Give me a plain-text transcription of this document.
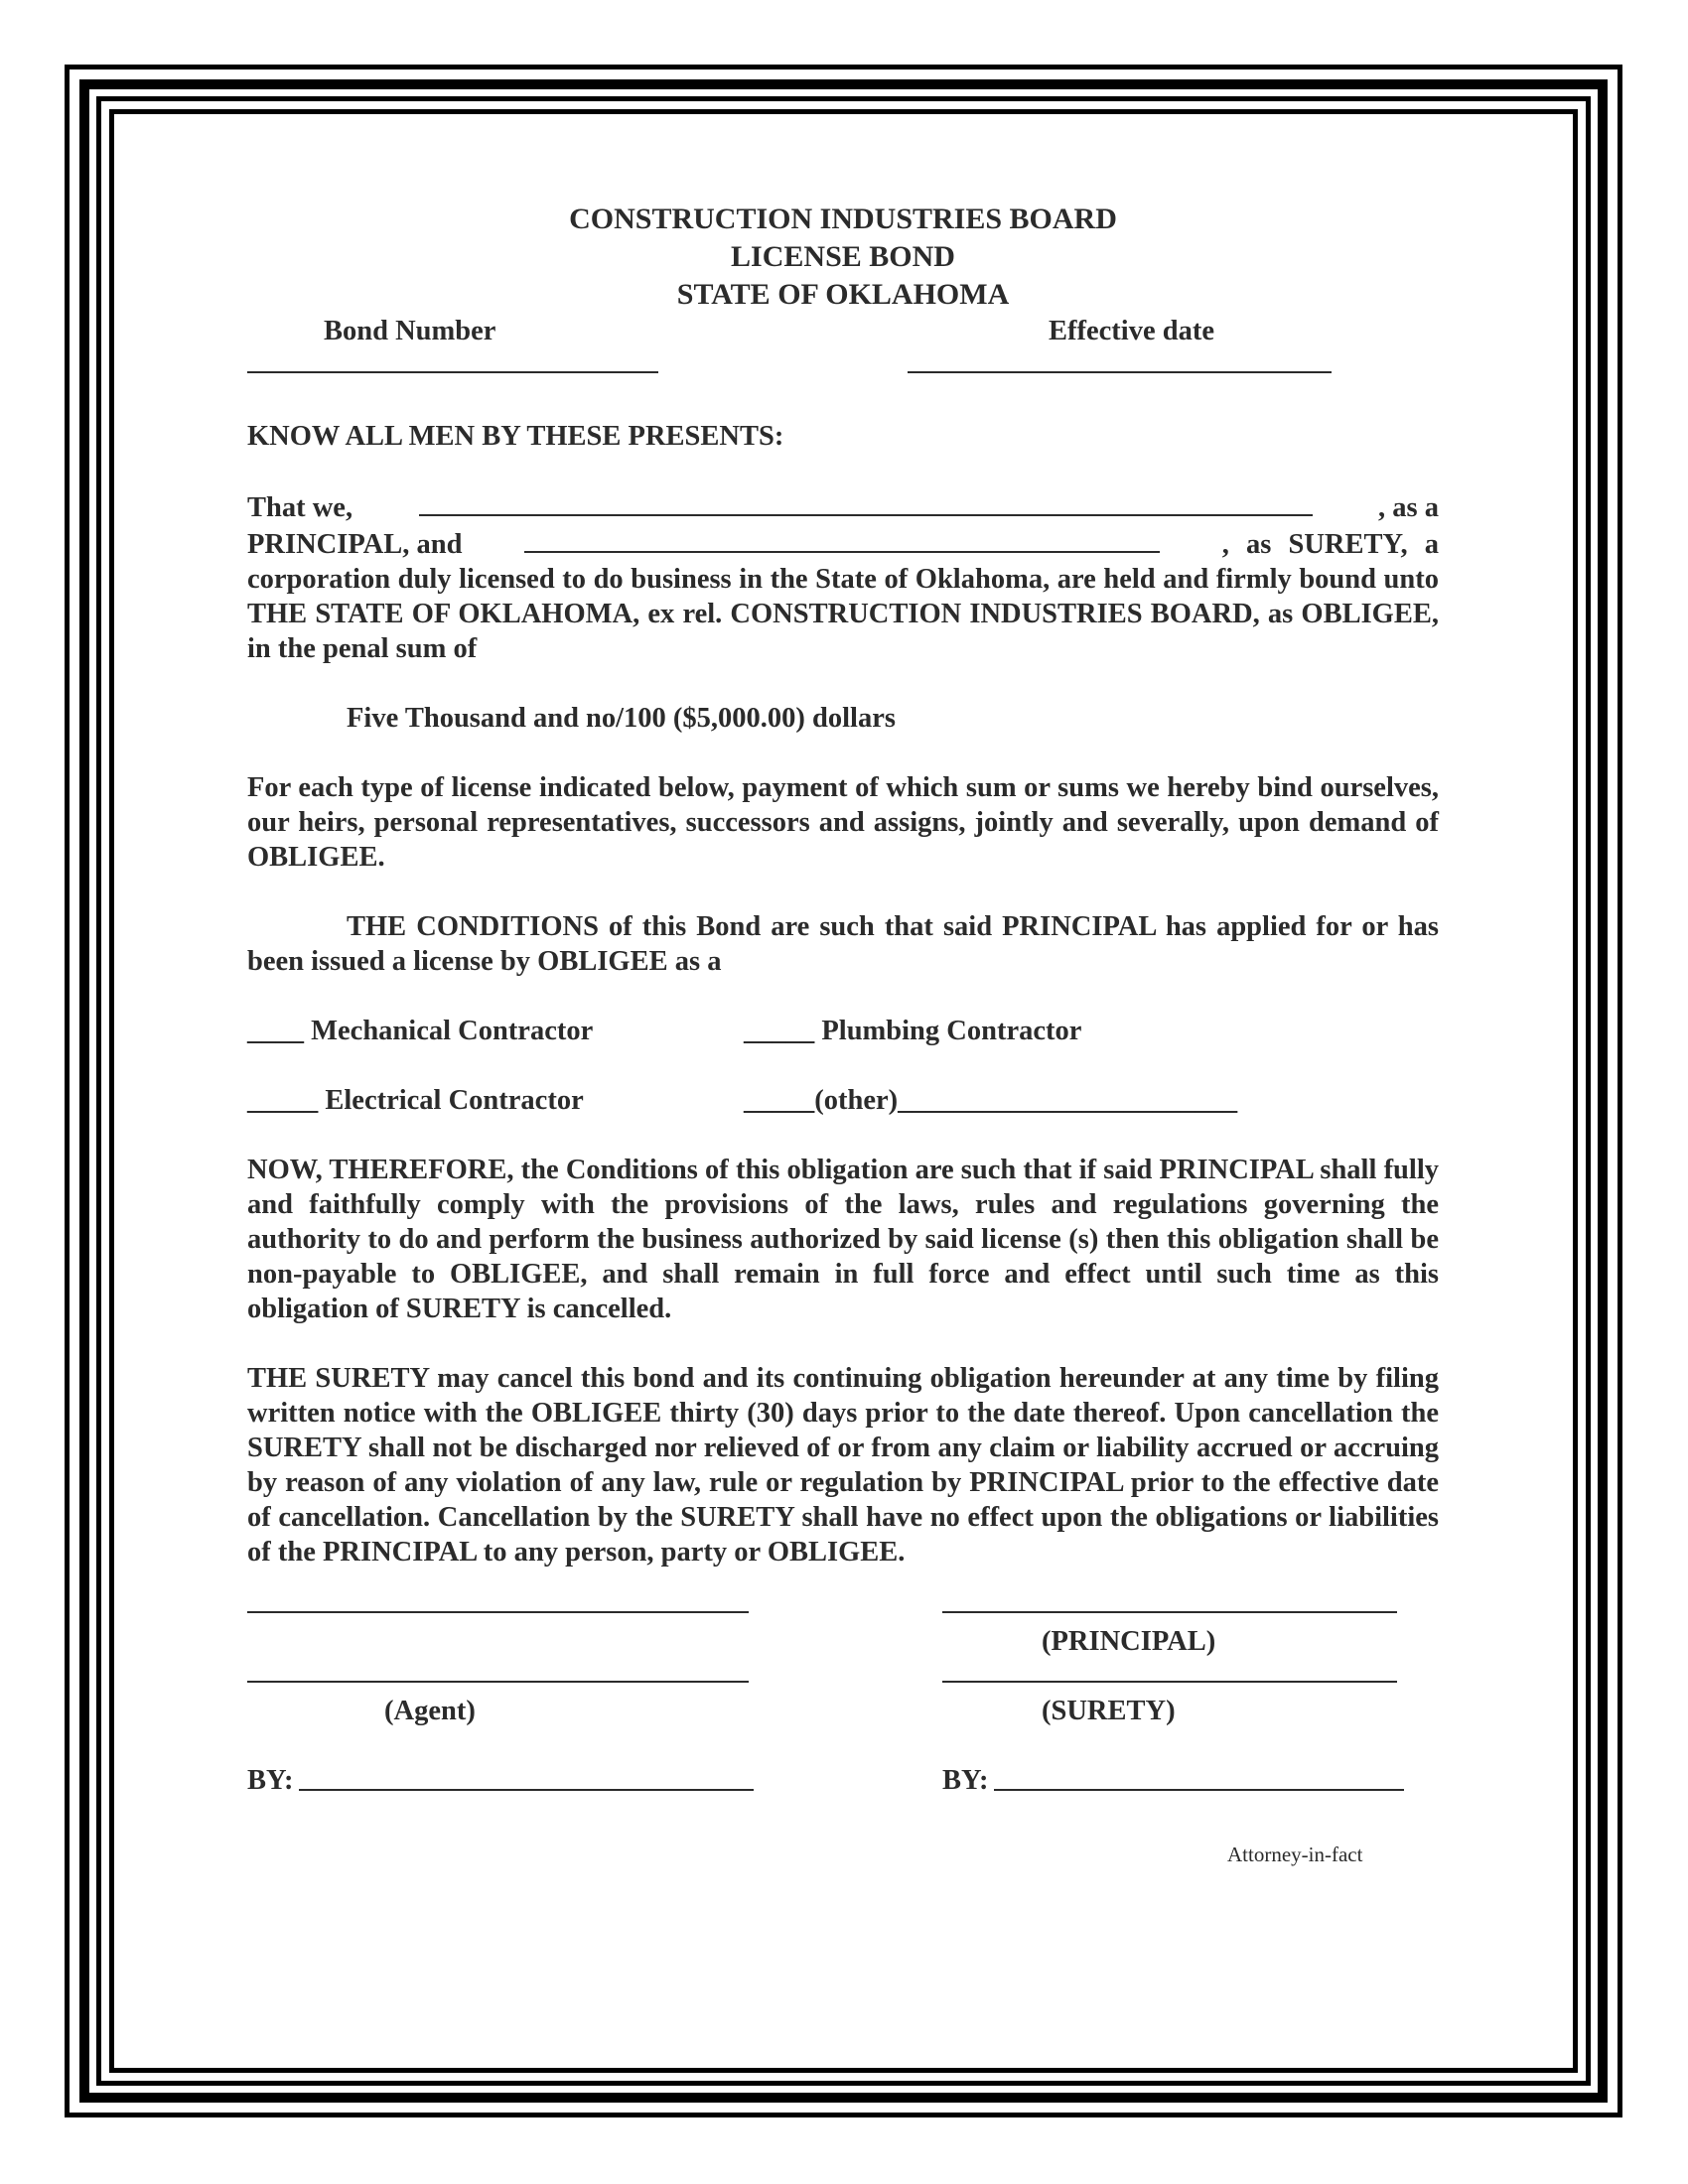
CONSTRUCTION INDUSTRIES BOARD
LICENSE BOND
STATE OF OKLAHOMA
Bond Number	Effective date

KNOW ALL MEN BY THESE PRESENTS:

That we,	, as a

PRINCIPAL, and	, as SURETY, a

corporation duly licensed to do business in the State of Oklahoma, are held and firmly bound unto THE STATE OF OKLAHOMA, ex rel. CONSTRUCTION INDUSTRIES BOARD, as OBLIGEE, in the penal sum of

Five Thousand and no/100 ($5,000.00) dollars

For each type of license indicated below, payment of which sum or sums we hereby bind ourselves, our heirs, personal representatives, successors and assigns, jointly and severally, upon demand of OBLIGEE.

THE CONDITIONS of this Bond are such that said PRINCIPAL has applied for or has been issued a license by OBLIGEE as a

____ Mechanical Contractor	_____ Plumbing Contractor
_____ Electrical Contractor	_____(other)________________________

NOW, THEREFORE, the Conditions of this obligation are such that if said PRINCIPAL shall fully and faithfully comply with the provisions of the laws, rules and regulations governing the authority to do and perform the business authorized by said license (s) then this obligation shall be non-payable to OBLIGEE, and shall remain in full force and effect until such time as this obligation of SURETY is cancelled.

THE SURETY may cancel this bond and its continuing obligation hereunder at any time by filing written notice with the OBLIGEE thirty (30) days prior to the date thereof. Upon cancellation the SURETY shall not be discharged nor relieved of or from any claim or liability accrued or accruing by reason of any violation of any law, rule or regulation by PRINCIPAL prior to the effective date of cancellation. Cancellation by the SURETY shall have no effect upon the obligations or liabilities of the PRINCIPAL to any person, party or OBLIGEE.

(PRINCIPAL)
(Agent)	(SURETY)
BY:	BY:
Attorney-in-fact
